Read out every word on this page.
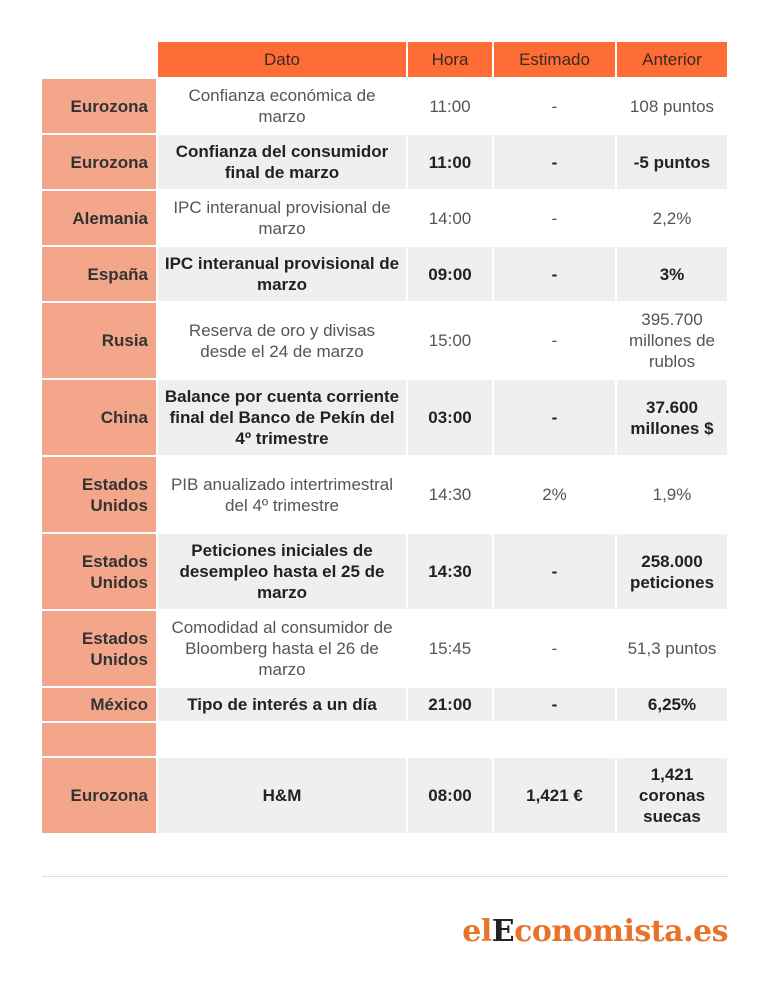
	Dato	Hora	Estimado	Anterior
Eurozona	Confianza económica de marzo	11:00	-	108 puntos
Eurozona	Confianza del consumidor final de marzo	11:00	-	-5 puntos
Alemania	IPC interanual provisional de marzo	14:00	-	2,2%
España	IPC interanual provisional de marzo	09:00	-	3%
Rusia	Reserva de oro y divisas desde el 24 de marzo	15:00	-	395.700 millones de rublos
China	Balance por cuenta corriente final del Banco de Pekín del 4º trimestre	03:00	-	37.600 millones $
Estados Unidos	PIB anualizado intertrimestral del 4º trimestre	14:30	2%	1,9%
Estados Unidos	Peticiones iniciales de desempleo hasta el 25 de marzo	14:30	-	258.000 peticiones
Estados Unidos	Comodidad al consumidor de Bloomberg hasta el 26 de marzo	15:45	-	51,3 puntos
México	Tipo de interés a un día	21:00	-	6,25%

Eurozona	H&M	08:00	1,421 €	1,421 coronas suecas
elEconomista.es
